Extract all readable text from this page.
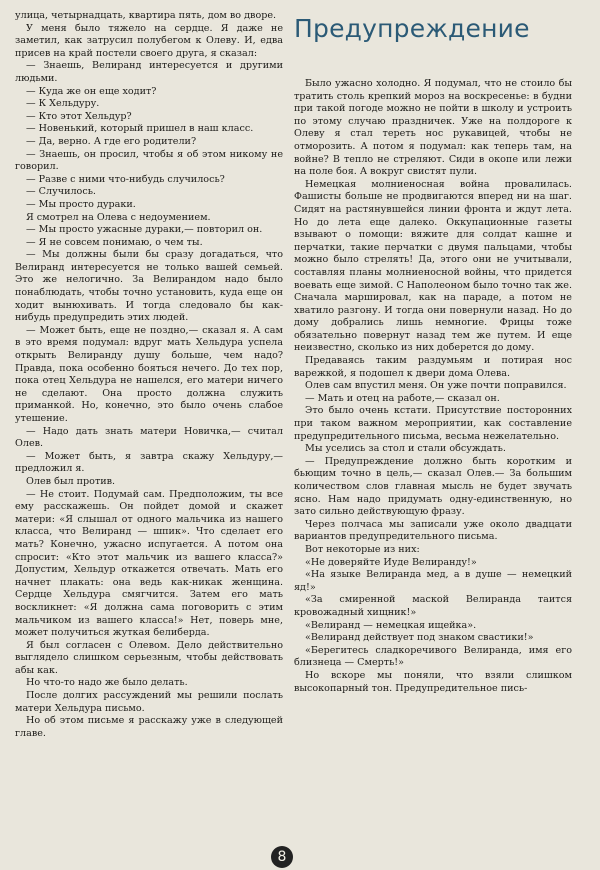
улица, четырнадцать, квартира пять, дом во дворе.

У меня было тяжело на сердце. Я даже не заметил, как затрусил полубегом к Олеву. И, едва присев на край постели своего друга, я сказал:

— Знаешь, Велиранд интересуется и другими людьми.

— Куда же он еще ходит?

— К Хельдуру.

— Кто этот Хельдур?

— Новенький, который пришел в наш класс.

— Да, верно. А где его родители?

— Знаешь, он просил, чтобы я об этом никому не говорил.

— Разве с ними что-нибудь случилось?

— Случилось.

— Мы просто дураки.

Я смотрел на Олева с недоумением.

— Мы просто ужасные дураки,— повторил он.

— Я не совсем понимаю, о чем ты.

— Мы должны были бы сразу догадаться, что Велиранд интересуется не только вашей семьей. Это же нелогично. За Велирандом надо было понаблюдать, чтобы точно установить, куда еще он ходит вынюхивать. И тогда следовало бы как-нибудь предупредить этих людей.

— Может быть, еще не поздно,— сказал я. А сам в это время подумал: вдруг мать Хельдура успела открыть Велиранду душу больше, чем надо? Правда, пока особенно бояться нечего. До тех пор, пока отец Хельдура не нашелся, его матери ничего не сделают. Она просто должна служить приманкой. Но, конечно, это было очень слабое утешение.

— Надо дать знать матери Новичка,— считал Олев.

— Может быть, я завтра скажу Хельдуру,— предложил я.

Олев был против.

— Не стоит. Подумай сам. Предположим, ты все ему расскажешь. Он пойдет домой и скажет матери: «Я слышал от одного мальчика из нашего класса, что Велиранд — шпик». Что сделает его мать? Конечно, ужасно испугается. А потом она спросит: «Кто этот мальчик из вашего класса?» Допустим, Хельдур откажется отвечать. Мать его начнет плакать: она ведь как-никак женщина. Сердце Хельдура смягчится. Затем его мать воскликнет: «Я должна сама поговорить с этим мальчиком из вашего класса!» Нет, поверь мне, может получиться жуткая белиберда.

Я был согласен с Олевом. Дело действительно выглядело слишком серьезным, чтобы действовать абы как.

Но что-то надо же было делать.

После долгих рассуждений мы решили послать матери Хельдура письмо.

Но об этом письме я расскажу уже в следующей главе.

Предупреждение

Было ужасно холодно. Я подумал, что не стоило бы тратить столь крепкий мороз на воскресенье: в будни при такой погоде можно не пойти в школу и устроить по этому случаю праздничек. Уже на полдороге к Олеву я стал тереть нос рукавицей, чтобы не отморозить. А потом я подумал: как теперь там, на войне? В тепло не стреляют. Сиди в окопе или лежи на поле боя. А вокруг свистят пули.

Немецкая молниеносная война провалилась. Фашисты больше не продвигаются вперед ни на шаг. Сидят на растянувшейся линии фронта и ждут лета. Но до лета еще далеко. Оккупационные газеты взывают о помощи: вяжите для солдат кашне и перчатки, такие перчатки с двумя пальцами, чтобы можно было стрелять! Да, этого они не учитывали, составляя планы молниеносной войны, что придется воевать еще зимой. С Наполеоном было точно так же. Сначала маршировал, как на параде, а потом не хватило разгону. И тогда они повернули назад. Но до дому добрались лишь немногие. Фрицы тоже обязательно повернут назад тем же путем. И еще неизвестно, сколько из них доберется до дому.

Предаваясь таким раздумьям и потирая нос варежкой, я подошел к двери дома Олева.

Олев сам впустил меня. Он уже почти поправился.

— Мать и отец на работе,— сказал он.

Это было очень кстати. Присутствие посторонних при таком важном мероприятии, как составление предупредительного письма, весьма нежелательно.

Мы уселись за стол и стали обсуждать.

— Предупреждение должно быть коротким и бьющим точно в цель,— сказал Олев.— За большим количеством слов главная мысль не будет звучать ясно. Нам надо придумать одну-единственную, но зато сильно действующую фразу.

Через полчаса мы записали уже около двадцати вариантов предупредительного письма.

Вот некоторые из них:

«Не доверяйте Иуде Велиранду!»

«На языке Велиранда мед, а в душе — немецкий яд!»

«За смиренной маской Велиранда таится кровожадный хищник!»

«Велиранд — немецкая ищейка».

«Велиранд действует под знаком свастики!»

«Берегитесь сладкоречивого Велиранда, имя его близнеца — Смерть!»

Но вскоре мы поняли, что взяли слишком высокопарный тон. Предупредительное пись-

8
